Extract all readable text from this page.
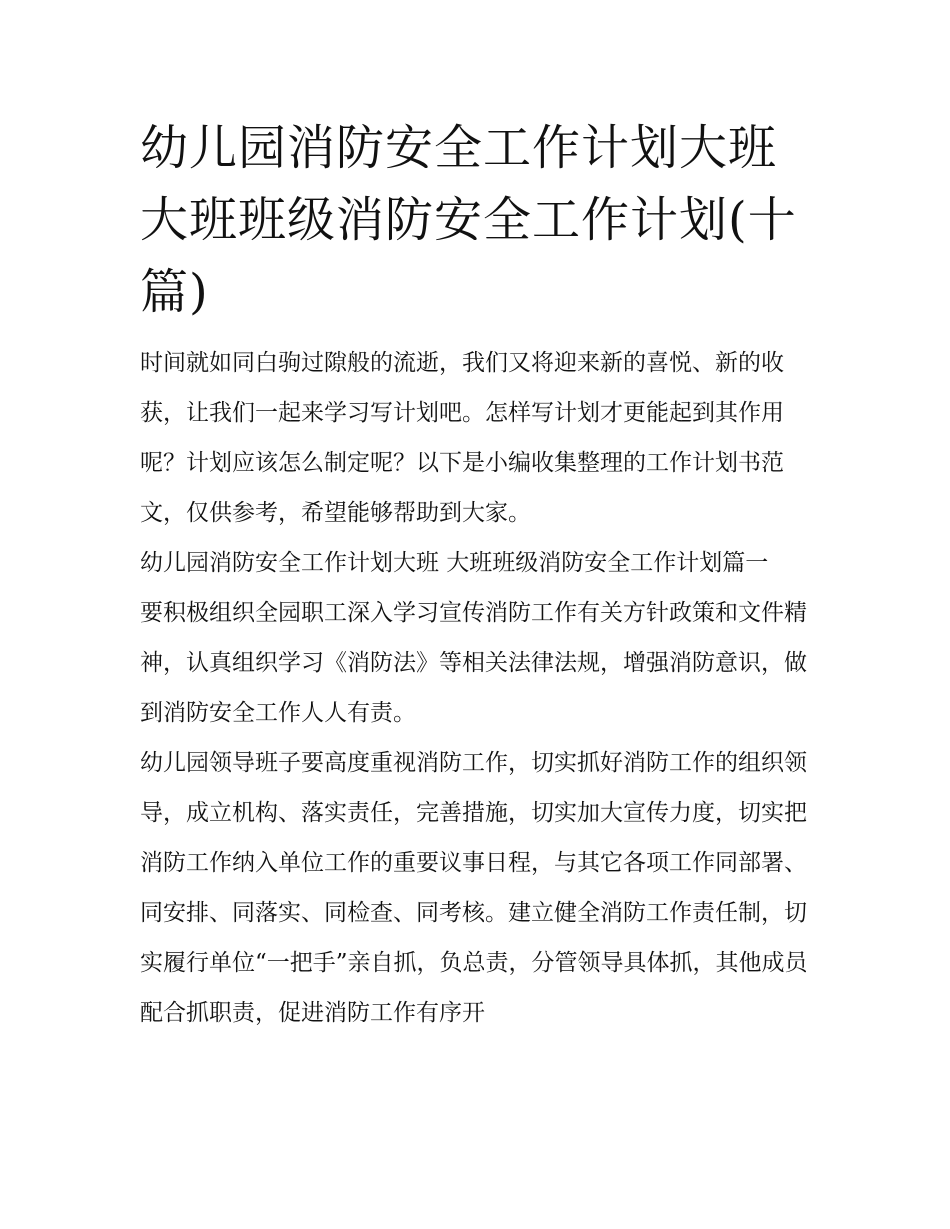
幼儿园消防安全工作计划大班 大班班级消防安全工作计划(十篇)

时间就如同白驹过隙般的流逝，我们又将迎来新的喜悦、新的收获，让我们一起来学习写计划吧。怎样写计划才更能起到其作用呢？计划应该怎么制定呢？以下是小编收集整理的工作计划书范文，仅供参考，希望能够帮助到大家。

幼儿园消防安全工作计划大班 大班班级消防安全工作计划篇一

要积极组织全园职工深入学习宣传消防工作有关方针政策和文件精神，认真组织学习《消防法》等相关法律法规，增强消防意识，做到消防安全工作人人有责。

幼儿园领导班子要高度重视消防工作，切实抓好消防工作的组织领导，成立机构、落实责任，完善措施，切实加大宣传力度，切实把消防工作纳入单位工作的重要议事日程，与其它各项工作同部署、同安排、同落实、同检查、同考核。建立健全消防工作责任制，切实履行单位“一把手”亲自抓，负总责，分管领导具体抓，其他成员配合抓职责，促进消防工作有序开
